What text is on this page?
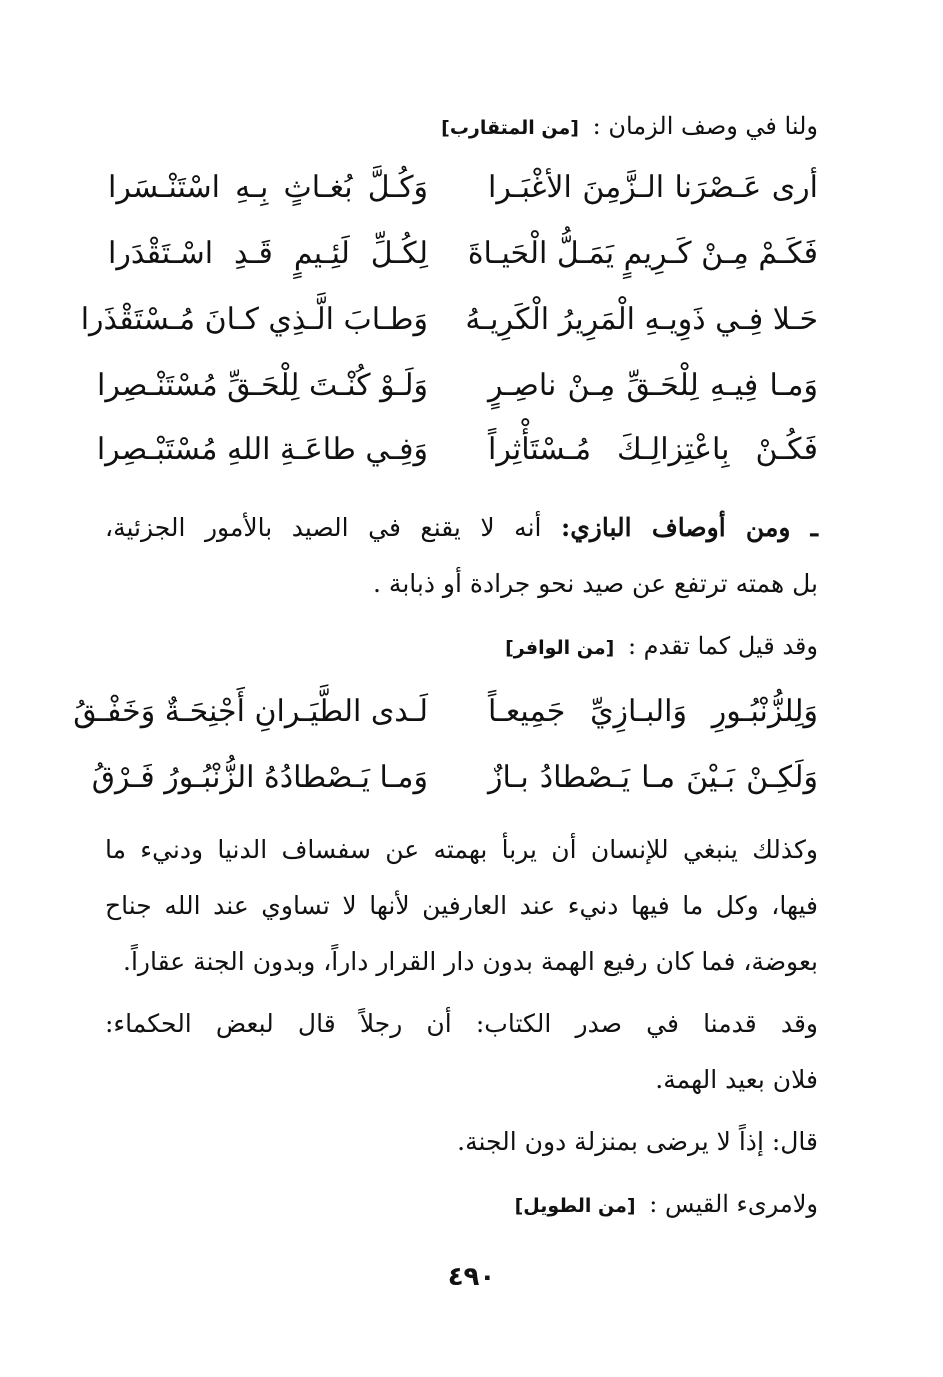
ولنا في وصف الزمان : [من المتقارب]
أرى عَـصْرَنا الـزَّمِنَ الأغْبَـرا
وَكُـلَّ بُغـاثٍ بِـهِ اسْتَنْـسَرا
فَكَـمْ مِـنْ كَـرِيمٍ يَمَـلُّ الْحَيـاةَ
لِكُـلِّ لَئِـيمٍ قَـدِ اسْـتَقْدَرا
حَـلا فِـي ذَوِيـهِ الْمَرِيرُ الْكَرِيـهُ
وَطـابَ الَّـذِي كـانَ مُـسْتَقْذَرا
وَمـا فِيـهِ لِلْحَـقِّ مِـنْ ناصِـرٍ
وَلَـوْ كُنْـتَ لِلْحَـقِّ مُسْتَنْـصِرا
فَكُـنْ بِاعْتِزالِـكَ مُـسْتَأْثِراً
وَفِـي طاعَـةِ اللهِ مُسْتَبْـصِرا
ـ ومن أوصاف البازي: أنه لا يقنع في الصيد بالأمور الجزئية،
بل همته ترتفع عن صيد نحو جرادة أو ذبابة .
وقد قيل كما تقدم : [من الوافر]
وَلِلزُّنْبُـورِ وَالبـازِيِّ جَمِيعـاً
لَـدى الطَّيَـرانِ أَجْنِحَـةٌ وَخَفْـقُ
وَلَكِـنْ بَـيْنَ مـا يَـصْطادُ بـازٌ
وَمـا يَـصْطادُهُ الزُّنْبُـورُ فَـرْقُ
وكذلك ينبغي للإنسان أن يربأ بهمته عن سفساف الدنيا ودنيء ما
فيها، وكل ما فيها دنيء عند العارفين لأنها لا تساوي عند الله جناح
بعوضة، فما كان رفيع الهمة بدون دار القرار داراً، وبدون الجنة عقاراً.
وقد قدمنا في صدر الكتاب: أن رجلاً قال لبعض الحكماء:
فلان بعيد الهمة.
قال: إذاً لا يرضى بمنزلة دون الجنة.
ولامرىء القيس : [من الطويل]
٤٩٠
